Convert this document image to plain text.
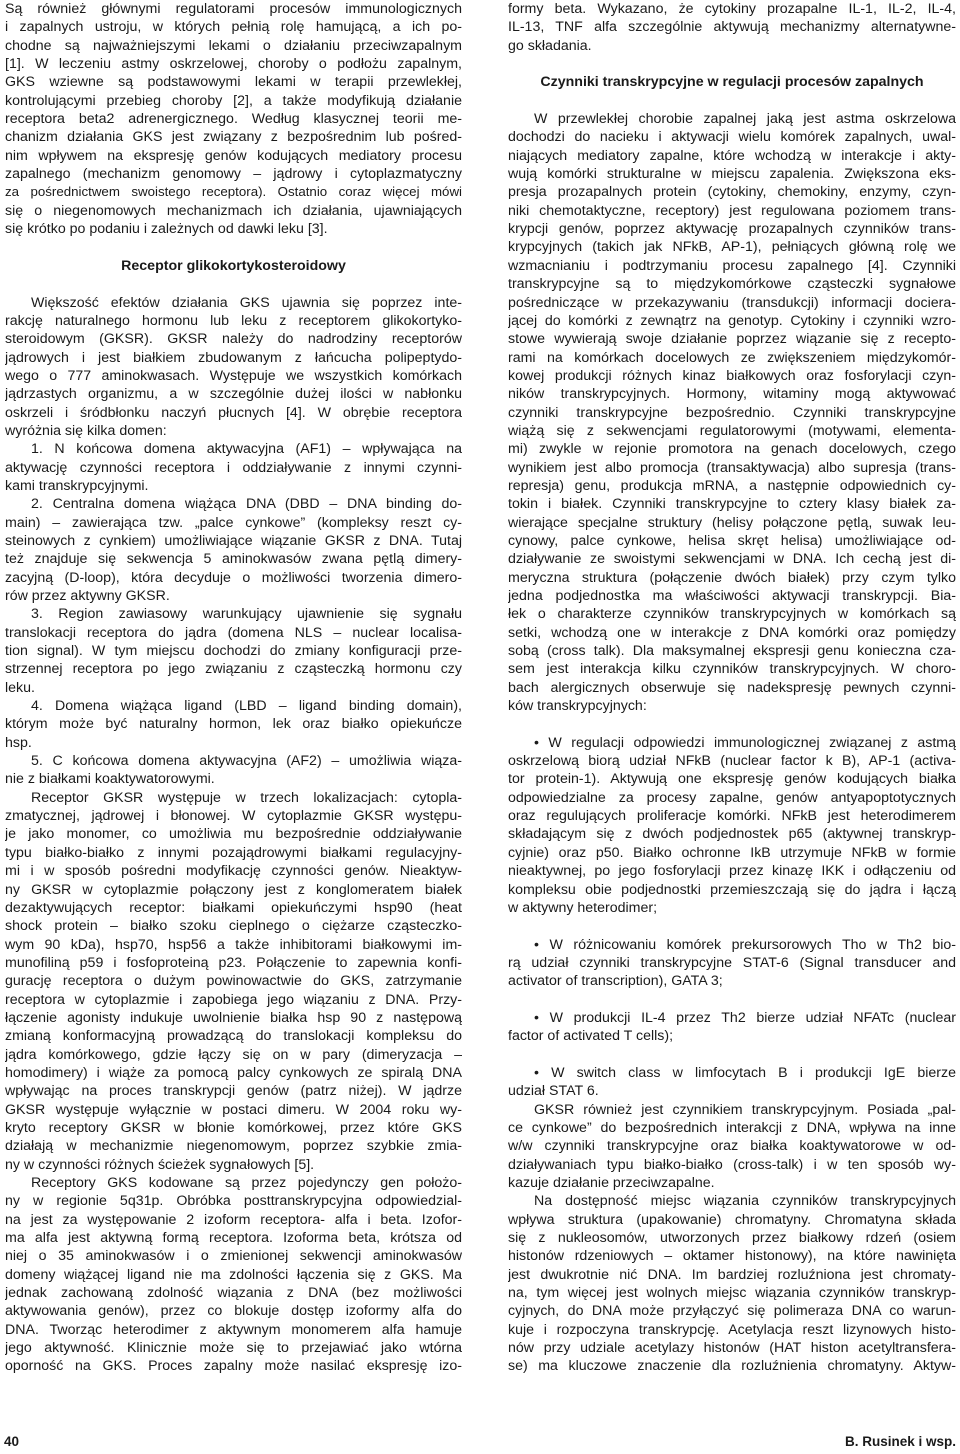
Są również głównymi regulatorami procesów immunologicznych
i zapalnych ustroju, w których pełnią rolę hamującą, a ich po-
chodne są najważniejszymi lekami o działaniu przeciwzapalnym
[1]. W leczeniu astmy oskrzelowej, choroby o podłożu zapalnym,
GKS wziewne są podstawowymi lekami w terapii przewlekłej,
kontrolującymi przebieg choroby [2], a także modyfikują działanie
receptora beta2 adrenergicznego. Według klasycznej teorii me-
chanizm działania GKS jest związany z bezpośrednim lub pośred-
nim wpływem na ekspresję genów kodujących mediatory procesu
zapalnego (mechanizm genomowy – jądrowy i cytoplazmatyczny
za pośrednictwem swoistego receptora). Ostatnio coraz więcej mówi
się o niegenomowych mechanizmach ich działania, ujawniających
się krótko po podaniu i zależnych od dawki leku [3].
Receptor glikokortykosteroidowy
Większość efektów działania GKS ujawnia się poprzez inte-
rakcję naturalnego hormonu lub leku z receptorem glikokortyko-
steroidowym (GKSR). GKSR należy do nadrodziny receptorów
jądrowych i jest białkiem zbudowanym z łańcucha polipeptydo-
wego o 777 aminokwasach. Występuje we wszystkich komórkach
jądrzastych organizmu, a w szczególnie dużej ilości w nabłonku
oskrzeli i śródbłonku naczyń płucnych [4]. W obrębie receptora
wyróżnia się kilka domen:
1. N końcowa domena aktywacyjna (AF1) – wpływająca na
aktywację czynności receptora i oddziaływanie z innymi czynni-
kami transkrypcyjnymi.
2. Centralna domena wiążąca DNA (DBD – DNA binding do-
main) – zawierająca tzw. „palce cynkowe” (kompleksy reszt cy-
steinowych z cynkiem) umożliwiające wiązanie GKSR z DNA. Tutaj
też znajduje się sekwencja 5 aminokwasów zwana pętlą dimery-
zacyjną (D-loop), która decyduje o możliwości tworzenia dimero-
rów przez aktywny GKSR.
3. Region zawiasowy warunkujący ujawnienie się sygnału
translokacji receptora do jądra (domena NLS – nuclear localisa-
tion signal). W tym miejscu dochodzi do zmiany konfiguracji prze-
strzennej receptora po jego związaniu z cząsteczką hormonu czy
leku.
4. Domena wiążąca ligand (LBD – ligand binding domain),
którym może być naturalny hormon, lek oraz białko opiekuńcze
hsp.
5. C końcowa domena aktywacyjna (AF2) – umożliwia wiąza-
nie z białkami koaktywatorowymi.
Receptor GKSR występuje w trzech lokalizacjach: cytopla-
zmatycznej, jądrowej i błonowej. W cytoplazmie GKSR występu-
je jako monomer, co umożliwia mu bezpośrednie oddziaływanie
typu białko-białko z innymi pozajądrowymi białkami regulacyjny-
mi i w sposób pośredni modyfikację czynności genów. Nieaktyw-
ny GKSR w cytoplazmie połączony jest z konglomeratem białek
dezaktywujących receptor: białkami opiekuńczymi hsp90 (heat
shock protein – białko szoku cieplnego o ciężarze cząsteczko-
wym 90 kDa), hsp70, hsp56 a także inhibitorami białkowymi im-
munofiliną p59 i fosfoproteiną p23. Połączenie to zapewnia konfi-
gurację receptora o dużym powinowactwie do GKS, zatrzymanie
receptora w cytoplazmie i zapobiega jego wiązaniu z DNA. Przy-
łączenie agonisty indukuje uwolnienie białka hsp 90 z następową
zmianą konformacyjną prowadzącą do translokacji kompleksu do
jądra komórkowego, gdzie łączy się on w pary (dimeryzacja –
homodimery) i wiąże za pomocą palcy cynkowych ze spiralą DNA
wpływając na proces transkrypcji genów (patrz niżej). W jądrze
GKSR występuje wyłącznie w postaci dimeru. W 2004 roku wy-
kryto receptory GKSR w błonie komórkowej, przez które GKS
działają w mechanizmie niegenomowym, poprzez szybkie zmia-
ny w czynności różnych ścieżek sygnałowych [5].
Receptory GKS kodowane są przez pojedynczy gen położo-
ny w regionie 5q31p. Obróbka posttranskrypcyjna odpowiedzial-
na jest za występowanie 2 izoform receptora- alfa i beta. Izofor-
ma alfa jest aktywną formą receptora. Izoforma beta, krótsza od
niej o 35 aminokwasów i o zmienionej sekwencji aminokwasów
domeny wiążącej ligand nie ma zdolności łączenia się z GKS. Ma
jednak zachowaną zdolność wiązania z DNA (bez możliwości
aktywowania genów), przez co blokuje dostęp izoformy alfa do
DNA. Tworząc heterodimer z aktywnym monomerem alfa hamuje
jego aktywność. Klinicznie może się to przejawiać jako wtórna
oporność na GKS. Proces zapalny może nasilać ekspresję izo-
formy beta. Wykazano, że cytokiny prozapalne IL-1, IL-2, IL-4,
IL-13, TNF alfa szczególnie aktywują mechanizmy alternatywne-
go składania.
Czynniki transkrypcyjne w regulacji procesów zapalnych
W przewlekłej chorobie zapalnej jaką jest astma oskrzelowa
dochodzi do nacieku i aktywacji wielu komórek zapalnych, uwal-
niających mediatory zapalne, które wchodzą w interakcje i akty-
wują komórki strukturalne w miejscu zapalenia. Zwiększona eks-
presja prozapalnych protein (cytokiny, chemokiny, enzymy, czyn-
niki chemotaktyczne, receptory) jest regulowana poziomem trans-
krypcji genów, poprzez aktywację prozapalnych czynników trans-
krypcyjnych (takich jak NFkB, AP-1), pełniących główną rolę we
wzmacnianiu i podtrzymaniu procesu zapalnego [4]. Czynniki
transkrypcyjne są to międzykomórkowe cząsteczki sygnałowe
pośredniczące w przekazywaniu (transdukcji) informacji dociera-
jącej do komórki z zewnątrz na genotyp. Cytokiny i czynniki wzro-
stowe wywierają swoje działanie poprzez wiązanie się z recepto-
rami na komórkach docelowych ze zwiększeniem międzykomór-
kowej produkcji różnych kinaz białkowych oraz fosforylacji czyn-
ników transkrypcyjnych. Hormony, witaminy mogą aktywować
czynniki transkrypcyjne bezpośrednio. Czynniki transkrypcyjne
wiążą się z sekwencjami regulatorowymi (motywami, elementa-
mi) zwykle w rejonie promotora na genach docelowych, czego
wynikiem jest albo promocja (transaktywacja) albo supresja (trans-
represja) genu, produkcja mRNA, a następnie odpowiednich cy-
tokin i białek. Czynniki transkrypcyjne to cztery klasy białek za-
wierające specjalne struktury (helisy połączone pętlą, suwak leu-
cynowy, palce cynkowe, helisa skręt helisa) umożliwiające od-
działywanie ze swoistymi sekwencjami w DNA. Ich cechą jest di-
meryczna struktura (połączenie dwóch białek) przy czym tylko
jedna podjednostka ma właściwości aktywacji transkrypcji. Bia-
łek o charakterze czynników transkrypcyjnych w komórkach są
setki, wchodzą one w interakcje z DNA komórki oraz pomiędzy
sobą (cross talk). Dla maksymalnej ekspresji genu konieczna cza-
sem jest interakcja kilku czynników transkrypcyjnych. W choro-
bach alergicznych obserwuje się nadekspresję pewnych czynni-
ków transkrypcyjnych:
• W regulacji odpowiedzi immunologicznej związanej z astmą
oskrzelową biorą udział NFkB (nuclear factor k B), AP-1 (activa-
tor protein-1). Aktywują one ekspresję genów kodujących białka
odpowiedzialne za procesy zapalne, genów antyapoptotycznych
oraz regulujących proliferacje komórki. NFkB jest heterodimerem
składającym się z dwóch podjednostek p65 (aktywnej transkryp-
cyjnie) oraz p50. Białko ochronne IkB utrzymuje NFkB w formie
nieaktywnej, po jego fosforylacji przez kinazę IKK i odłączeniu od
kompleksu obie podjednostki przemieszczają się do jądra i łączą
w aktywny heterodimer;
• W różnicowaniu komórek prekursorowych Tho w Th2 bio-
rą udział czynniki transkrypcyjne STAT-6 (Signal transducer and
activator of transcription), GATA 3;
• W produkcji IL-4 przez Th2 bierze udział NFATc (nuclear
factor of activated T cells);
• W switch class w limfocytach B i produkcji IgE bierze
udział STAT 6.
GKSR również jest czynnikiem transkrypcyjnym. Posiada „pal-
ce cynkowe” do bezpośrednich interakcji z DNA, wpływa na inne
w/w czynniki transkrypcyjne oraz białka koaktywatorowe w od-
działywaniach typu białko-białko (cross-talk) i w ten sposób wy-
kazuje działanie przeciwzapalne.
Na dostępność miejsc wiązania czynników transkrypcyjnych
wpływa struktura (upakowanie) chromatyny. Chromatyna składa
się z nukleosomów, utworzonych przez białkowy rdzeń (osiem
histonów rdzeniowych – oktamer histonowy), na które nawinięta
jest dwukrotnie nić DNA. Im bardziej rozluźniona jest chromaty-
na, tym więcej jest wolnych miejsc wiązania czynników transkryp-
cyjnych, do DNA może przyłączyć się polimeraza DNA co warun-
kuje i rozpoczyna transkrypcję. Acetylacja reszt lizynowych histo-
nów przy udziale acetylazy histonów (HAT histon acetyltransfera-
se) ma kluczowe znaczenie dla rozluźnienia chromatyny. Aktyw-
40	B. Rusinek i wsp.
